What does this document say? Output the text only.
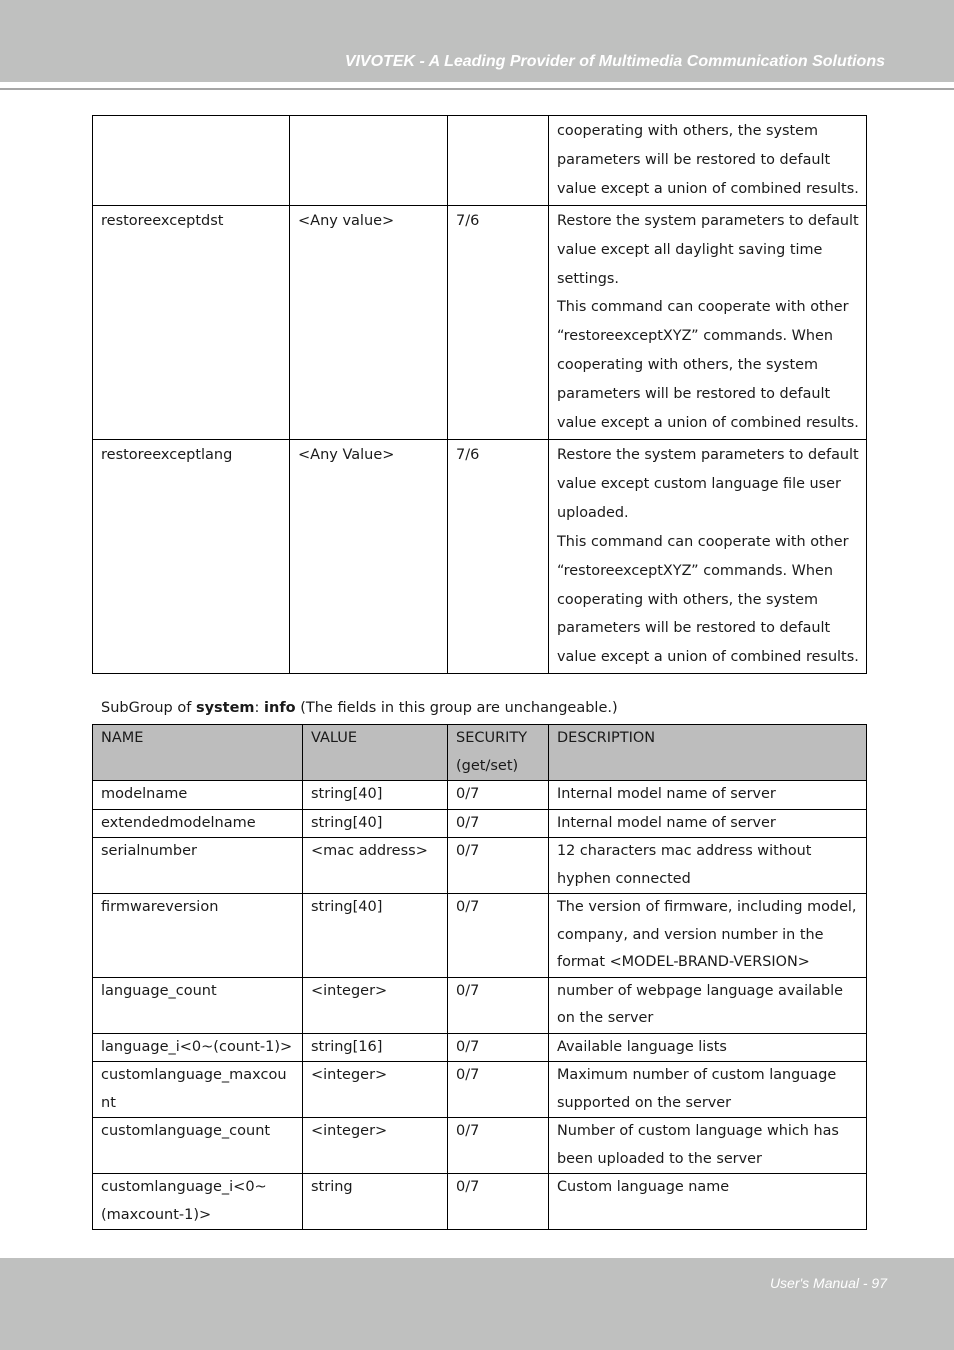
VIVOTEK - A Leading Provider of Multimedia Communication Solutions
			cooperating with others, the system parameters will be restored to default value except a union of combined results.
restoreexceptdst	<Any value>	7/6	Restore the system parameters to default value except all daylight saving time settings.
This command can cooperate with other “restoreexceptXYZ” commands. When cooperating with others, the system parameters will be restored to default value except a union of combined results.

restoreexceptlang	<Any Value>	7/6	Restore the system parameters to default value except custom language file user uploaded.
This command can cooperate with other “restoreexceptXYZ” commands. When cooperating with others, the system parameters will be restored to default value except a union of combined results.
SubGroup of system: info (The fields in this group are unchangeable.)
NAME	VALUE	SECURITY (get/set)	DESCRIPTION
modelname	string[40]	0/7	Internal model name of server
extendedmodelname	string[40]	0/7	Internal model name of server
serialnumber	<mac address>	0/7	12 characters mac address without hyphen connected
firmwareversion	string[40]	0/7	The version of firmware, including model, company, and version number in the format <MODEL-BRAND-VERSION>
language_count	<integer>	0/7	number of webpage language available on the server
language_i<0~(count-1)>	string[16]	0/7	Available language lists
customlanguage_maxcount	<integer>	0/7	Maximum number of custom language supported on the server
customlanguage_count	<integer>	0/7	Number of custom language which has been uploaded to the server
customlanguage_i<0~(maxcount-1)>	string	0/7	Custom language name
User's Manual - 97
